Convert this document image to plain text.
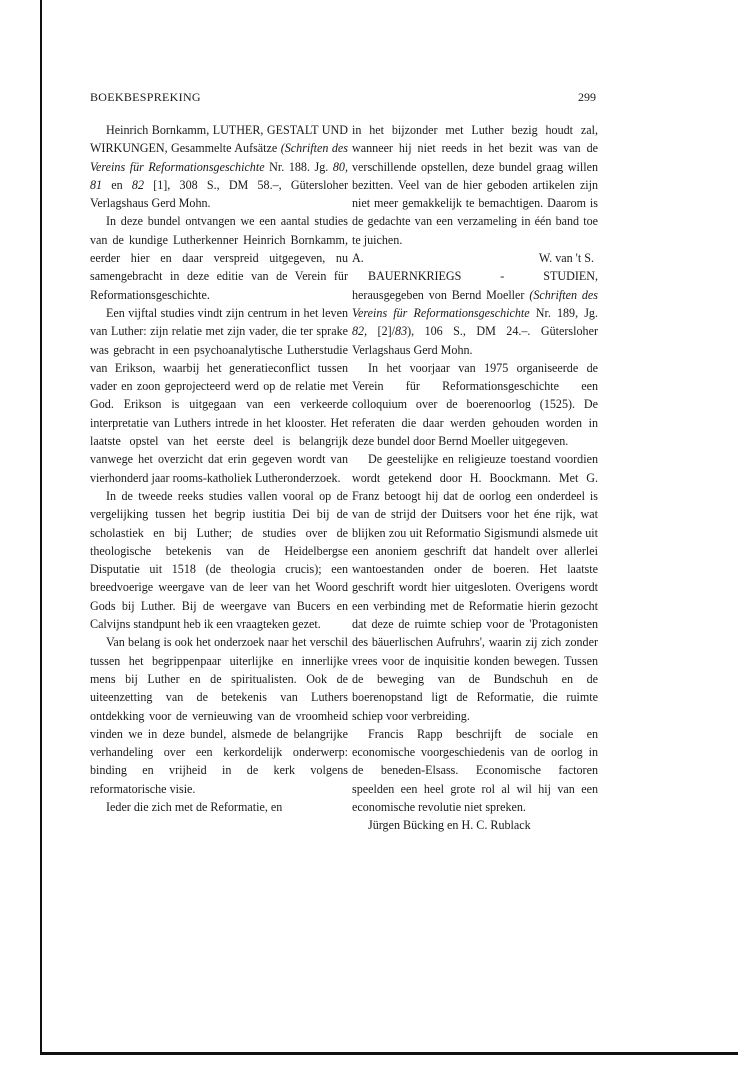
BOEKBESPREKING	299

Heinrich Bornkamm, LUTHER, GESTALT UND WIRKUNGEN, Gesammelte Aufsätze (Schriften des Vereins für Reformationsgeschichte Nr. 188. Jg. 80, 81 en 82 [1], 308 S., DM 58.–, Gütersloher Verlagshaus Gerd Mohn.

In deze bundel ontvangen we een aantal studies van de kundige Lutherkenner Heinrich Bornkamm, eerder hier en daar verspreid uitgegeven, nu samengebracht in deze editie van de Verein für Reformationsgeschichte.

Een vijftal studies vindt zijn centrum in het leven van Luther: zijn relatie met zijn vader, die ter sprake was gebracht in een psychoanalytische Lutherstudie van Erikson, waarbij het generatieconflict tussen vader en zoon geprojecteerd werd op de relatie met God. Erikson is uitgegaan van een verkeerde interpretatie van Luthers intrede in het klooster. Het laatste opstel van het eerste deel is belangrijk vanwege het overzicht dat erin gegeven wordt van vierhonderd jaar rooms-katholiek Lutheronderzoek.

In de tweede reeks studies vallen vooral op de vergelijking tussen het begrip iustitia Dei bij de scholastiek en bij Luther; de studies over de theologische betekenis van de Heidelbergse Disputatie uit 1518 (de theologia crucis); een breedvoerige weergave van de leer van het Woord Gods bij Luther. Bij de weergave van Bucers en Calvijns standpunt heb ik een vraagteken gezet.

Van belang is ook het onderzoek naar het verschil tussen het begrippenpaar uiterlijke en innerlijke mens bij Luther en de spiritualisten. Ook de uiteenzetting van de betekenis van Luthers ontdekking voor de vernieuwing van de vroomheid vinden we in deze bundel, alsmede de belangrijke verhandeling over een kerkordelijk onderwerp: binding en vrijheid in de kerk volgens reformatorische visie.

Ieder die zich met de Reformatie, en

in het bijzonder met Luther bezig houdt zal, wanneer hij niet reeds in het bezit was van de verschillende opstellen, deze bundel graag willen bezitten. Veel van de hier geboden artikelen zijn niet meer gemakkelijk te bemachtigen. Daarom is de gedachte van een verzameling in één band toe te juichen.

A.	W. van 't S.

BAUERNKRIEGS - STUDIEN, herausgegeben von Bernd Moeller (Schriften des Vereins für Reformationsgeschichte Nr. 189, Jg. 82, [2]/83), 106 S., DM 24.–. Gütersloher Verlagshaus Gerd Mohn.

In het voorjaar van 1975 organiseerde de Verein für Reformationsgeschichte een colloquium over de boerenoorlog (1525). De referaten die daar werden gehouden worden in deze bundel door Bernd Moeller uitgegeven.

De geestelijke en religieuze toestand voordien wordt getekend door H. Boockmann. Met G. Franz betoogt hij dat de oorlog een onderdeel is van de strijd der Duitsers voor het éne rijk, wat blijken zou uit Reformatio Sigismundi alsmede uit een anoniem geschrift dat handelt over allerlei wantoestanden onder de boeren. Het laatste geschrift wordt hier uitgesloten. Overigens wordt een verbinding met de Reformatie hierin gezocht dat deze de ruimte schiep voor de 'Protagonisten des bäuerlischen Aufruhrs', waarin zij zich zonder vrees voor de inquisitie konden bewegen. Tussen de beweging van de Bundschuh en de boerenopstand ligt de Reformatie, die ruimte schiep voor verbreiding.

Francis Rapp beschrijft de sociale en economische voorgeschiedenis van de oorlog in de beneden-Elsass. Economische factoren speelden een heel grote rol al wil hij van een economische revolutie niet spreken.

Jürgen Bücking en H. C. Rublack
